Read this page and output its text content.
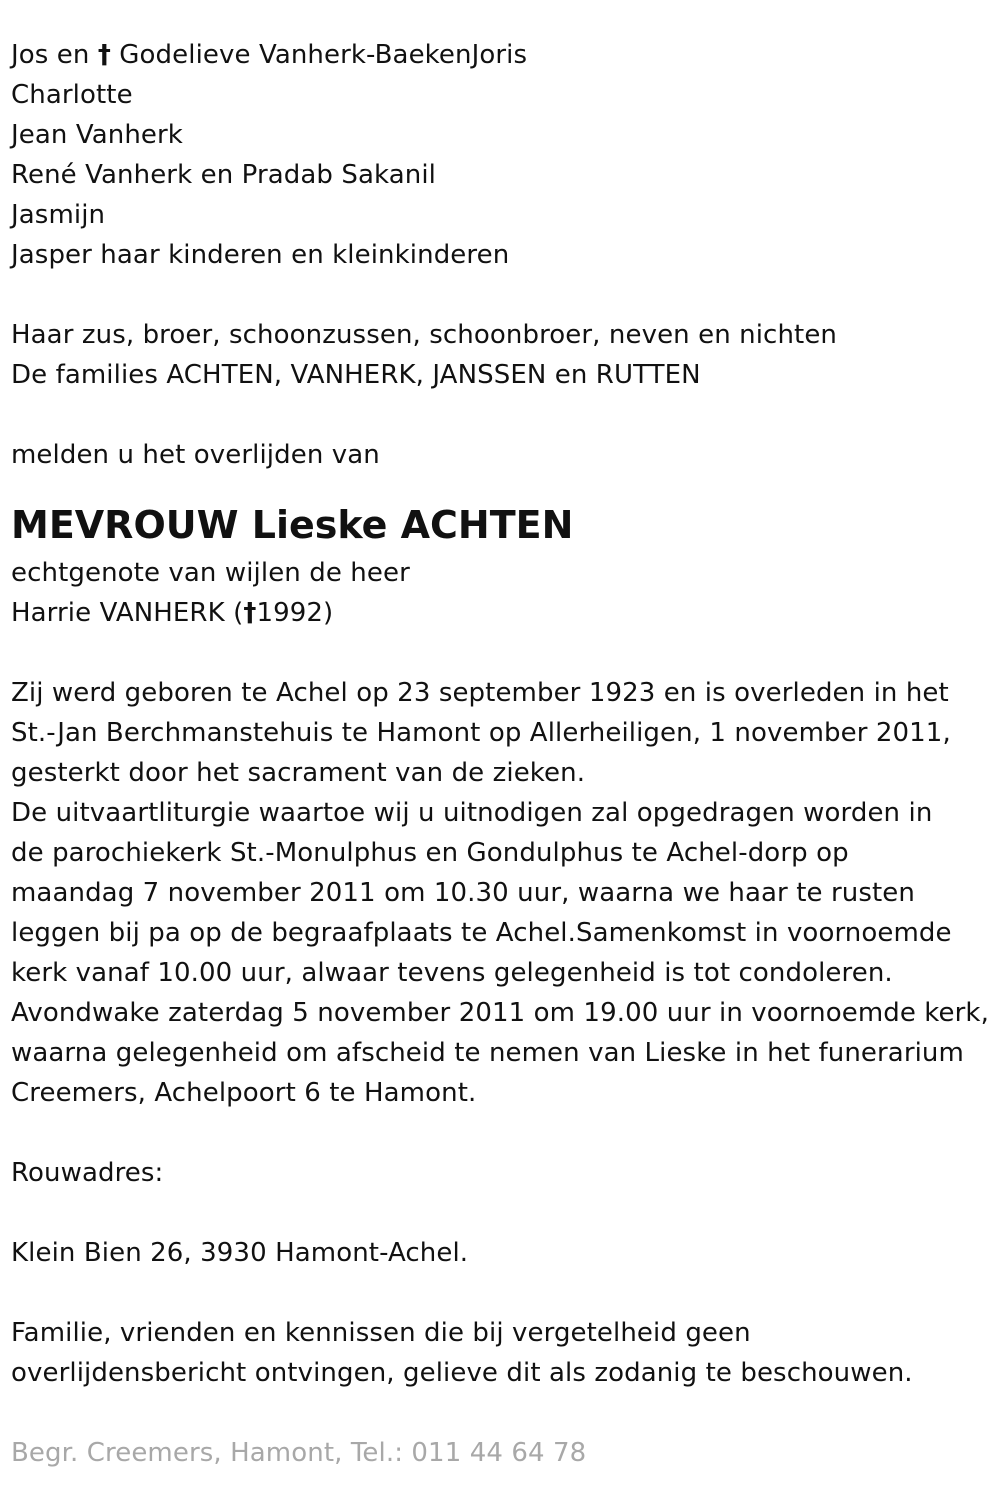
Jos en † Godelieve Vanherk-BaekenJoris
Charlotte
Jean Vanherk
René Vanherk en Pradab Sakanil
Jasmijn
Jasper haar kinderen en kleinkinderen
Haar zus, broer, schoonzussen, schoonbroer, neven en nichten
De families ACHTEN, VANHERK, JANSSEN en RUTTEN
melden u het overlijden van
MEVROUW Lieske ACHTEN
echtgenote van wijlen de heer
Harrie VANHERK (†1992)
Zij werd geboren te Achel op 23 september 1923 en is overleden in het
St.-Jan Berchmanstehuis te Hamont op Allerheiligen, 1 november 2011,
gesterkt door het sacrament van de zieken.
De uitvaartliturgie waartoe wij u uitnodigen zal opgedragen worden in
de parochiekerk St.-Monulphus en Gondulphus te Achel-dorp op
maandag 7 november 2011 om 10.30 uur, waarna we haar te rusten
leggen bij pa op de begraafplaats te Achel.Samenkomst in voornoemde
kerk vanaf 10.00 uur, alwaar tevens gelegenheid is tot condoleren.
Avondwake zaterdag 5 november 2011 om 19.00 uur in voornoemde kerk,
waarna gelegenheid om afscheid te nemen van Lieske in het funerarium
Creemers, Achelpoort 6 te Hamont.
Rouwadres:
Klein Bien 26, 3930 Hamont-Achel.
Familie, vrienden en kennissen die bij vergetelheid geen
overlijdensbericht ontvingen, gelieve dit als zodanig te beschouwen.
Begr. Creemers, Hamont, Tel.: 011 44 64 78
